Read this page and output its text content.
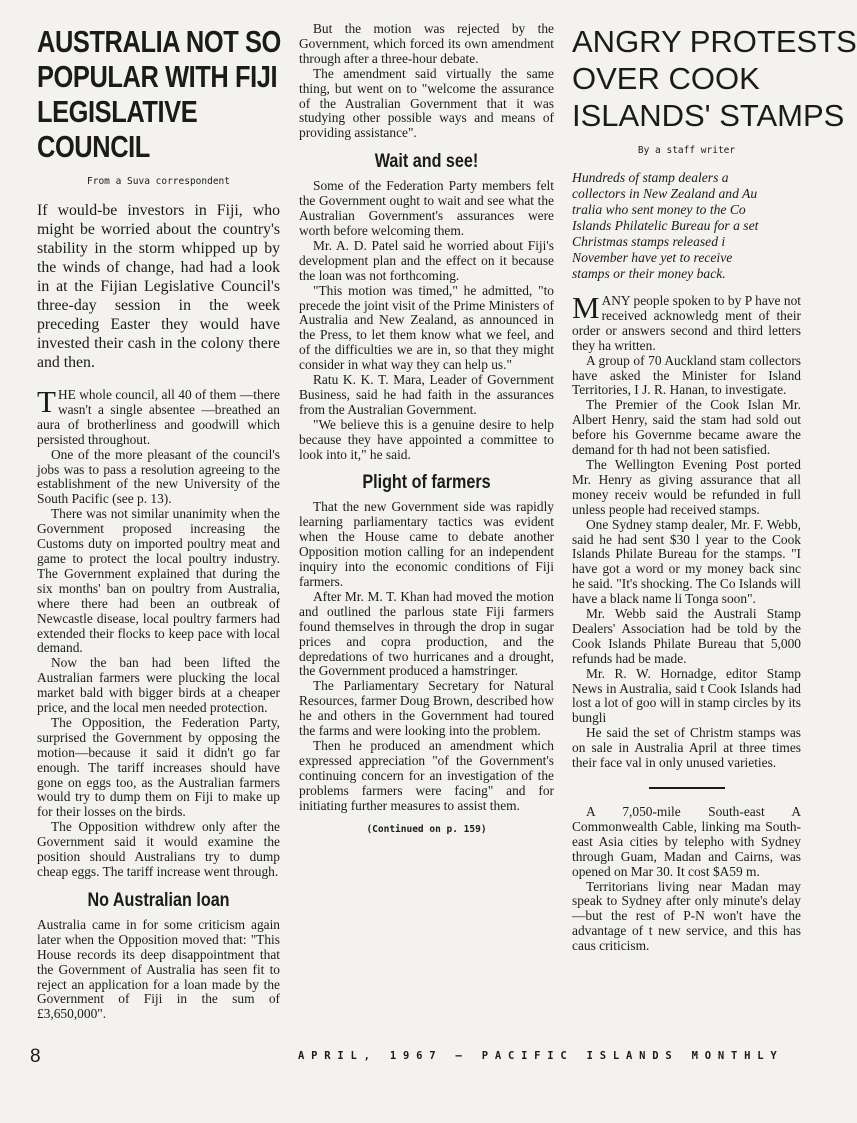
AUSTRALIA NOT SO
POPULAR WITH FIJI
LEGISLATIVE COUNCIL
From a Suva correspondent

If would-be investors in Fiji, who might be worried about the country's stability in the storm whipped up by the winds of change, had had a look in at the Fijian Legislative Council's three-day session in the week preceding Easter they would have invested their cash in the colony there and then.

THE whole council, all 40 of them —there wasn't a single absentee —breathed an aura of brotherliness and goodwill which persisted throughout.

One of the more pleasant of the council's jobs was to pass a resolution agreeing to the establishment of the new University of the South Pacific (see p. 13).

There was not similar unanimity when the Government proposed increasing the Customs duty on imported poultry meat and game to protect the local poultry industry. The Government explained that during the six months' ban on poultry from Australia, where there had been an outbreak of Newcastle disease, local poultry farmers had extended their flocks to keep pace with local demand.

Now the ban had been lifted the Australian farmers were plucking the local market bald with bigger birds at a cheaper price, and the local men needed protection.

The Opposition, the Federation Party, surprised the Government by opposing the motion—because it said it didn't go far enough. The tariff increases should have gone on eggs too, as the Australian farmers would try to dump them on Fiji to make up for their losses on the birds.

The Opposition withdrew only after the Government said it would examine the position should Australians try to dump cheap eggs. The tariff increase went through.

No Australian loan

Australia came in for some criticism again later when the Opposition moved that: "This House records its deep disappointment that the Government of Australia has seen fit to reject an application for a loan made by the Government of Fiji in the sum of £3,650,000".

But the motion was rejected by the Government, which forced its own amendment through after a three-hour debate.

The amendment said virtually the same thing, but went on to "welcome the assurance of the Australian Government that it was studying other possible ways and means of providing assistance".

Wait and see!

Some of the Federation Party members felt the Government ought to wait and see what the Australian Government's assurances were worth before welcoming them.

Mr. A. D. Patel said he worried about Fiji's development plan and the effect on it because the loan was not forthcoming.

"This motion was timed," he admitted, "to precede the joint visit of the Prime Ministers of Australia and New Zealand, as announced in the Press, to let them know what we feel, and of the difficulties we are in, so that they might consider in what way they can help us."

Ratu K. K. T. Mara, Leader of Government Business, said he had faith in the assurances from the Australian Government.

"We believe this is a genuine desire to help because they have appointed a committee to look into it," he said.

Plight of farmers

That the new Government side was rapidly learning parliamentary tactics was evident when the House came to debate another Opposition motion calling for an independent inquiry into the economic conditions of Fiji farmers.

After Mr. M. T. Khan had moved the motion and outlined the parlous state Fiji farmers found themselves in through the drop in sugar prices and copra production, and the depredations of two hurricanes and a drought, the Government produced a hamstringer.

The Parliamentary Secretary for Natural Resources, farmer Doug Brown, described how he and others in the Government had toured the farms and were looking into the problem.

Then he produced an amendment which expressed appreciation "of the Government's continuing concern for an investigation of the problems farmers were facing" and for initiating further measures to assist them.

(Continued on p. 159)
ANGRY PROTESTS
OVER COOK
ISLANDS' STAMPS
By a staff writer

Hundreds of stamp dealers a

collectors in New Zealand and Au

tralia who sent money to the Co

Islands Philatelic Bureau for a set

Christmas stamps released i

November have yet to receive

stamps or their money back.

MANY people spoken to by P have not received acknowledg ment of their order or answers second and third letters they ha written.

A group of 70 Auckland stam collectors have asked the Minister for Island Territories, I J. R. Hanan, to investigate.

The Premier of the Cook Islan Mr. Albert Henry, said the stam had sold out before his Governme became aware the demand for th had not been satisfied.

The Wellington Evening Post ported Mr. Henry as giving assurance that all money receiv would be refunded in full unless people had received stamps.

One Sydney stamp dealer, Mr. F. Webb, said he had sent $30 l year to the Cook Islands Philate Bureau for the stamps. "I have got a word or my money back sinc he said. "It's shocking. The Co Islands will have a black name li Tonga soon".

Mr. Webb said the Australi Stamp Dealers' Association had be told by the Cook Islands Philate Bureau that 5,000 refunds had be made.

Mr. R. W. Hornadge, editor Stamp News in Australia, said t Cook Islands had lost a lot of goo will in stamp circles by its bungli

He said the set of Christm stamps was on sale in Australia April at three times their face val in only unused varieties.

A 7,050-mile South-east A Commonwealth Cable, linking ma South-east Asia cities by telepho with Sydney through Guam, Madan and Cairns, was opened on Mar 30. It cost $A59 m.

Territorians living near Madan may speak to Sydney after only minute's delay—but the rest of P-N won't have the advantage of t new service, and this has caus criticism.

8	APRIL, 1967 — PACIFIC ISLANDS MONTHLY
